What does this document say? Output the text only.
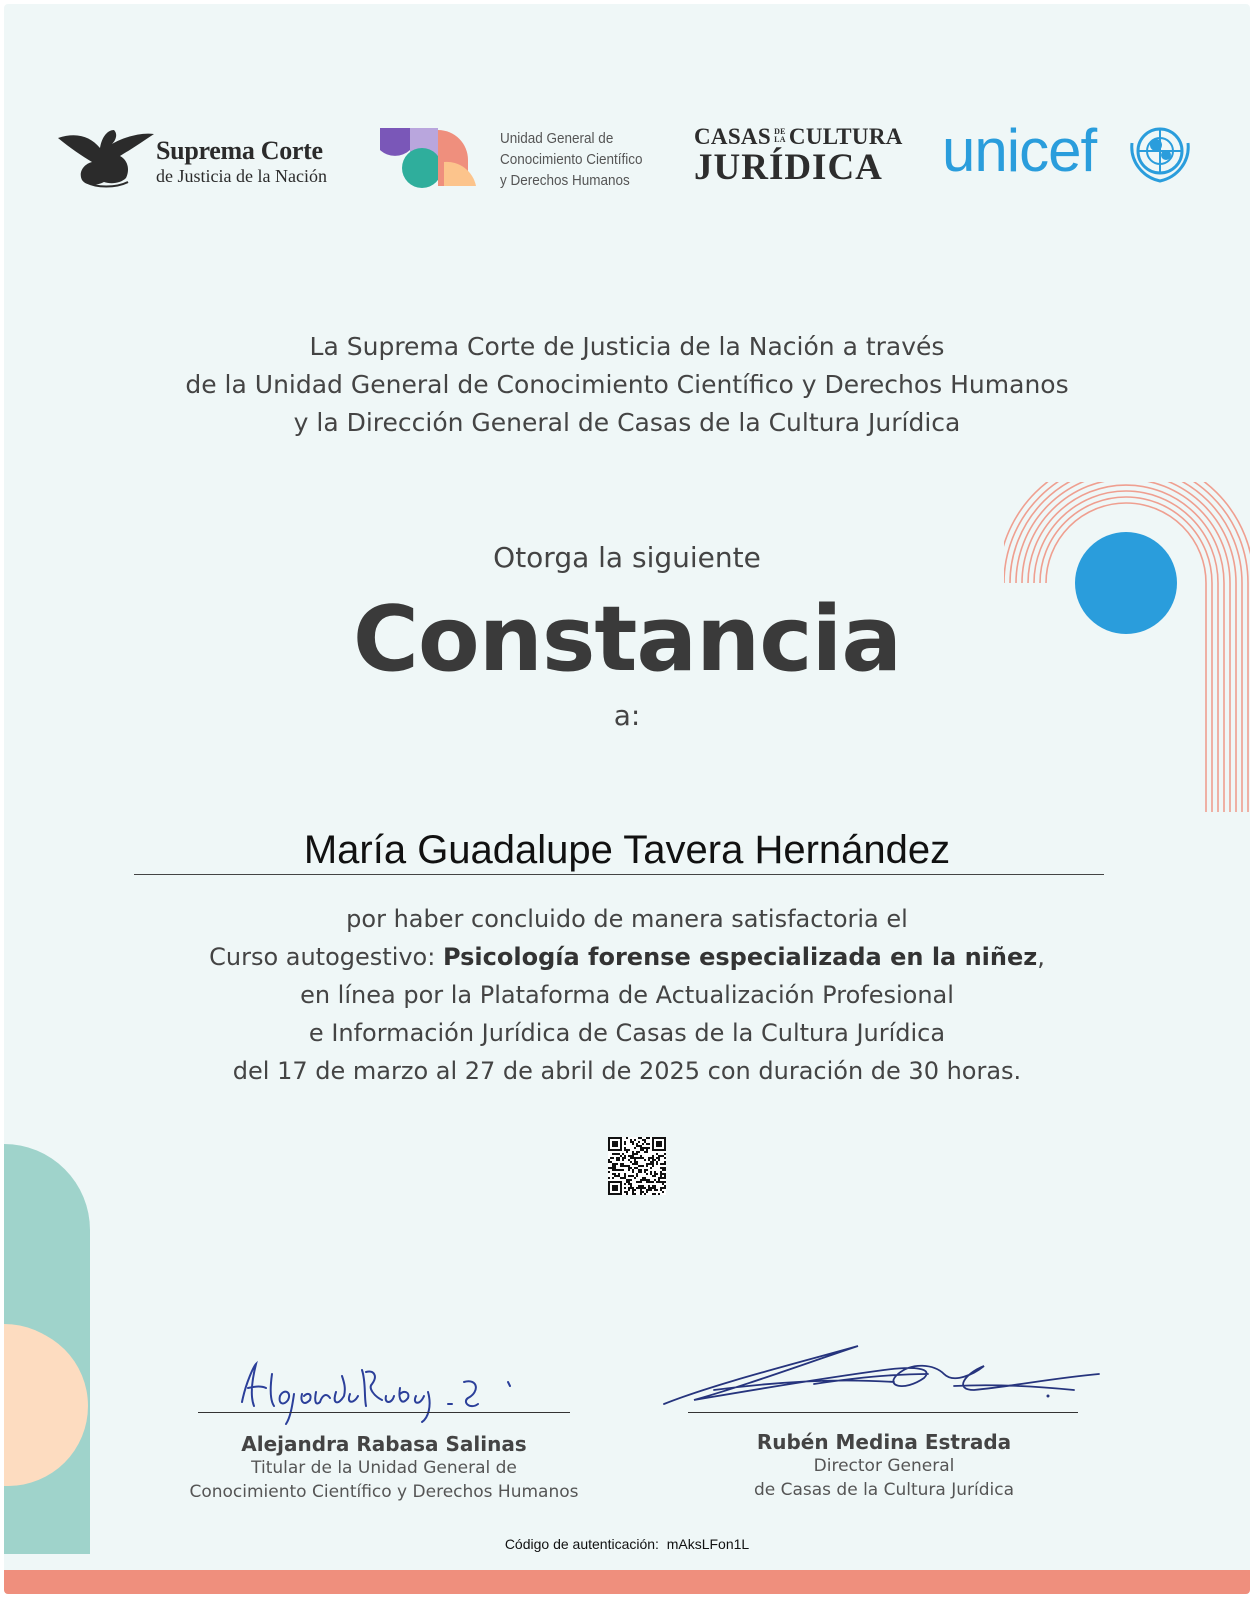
Suprema Corte
de Justicia de la Nación
Unidad General de
Conocimiento Científico
y Derechos Humanos
CASAS DE
LA CULTURA
JURÍDICA unicef
La Suprema Corte de Justicia de la Nación a través
de la Unidad General de Conocimiento Científico y Derechos Humanos
y la Dirección General de Casas de la Cultura Jurídica
Otorga la siguiente
Constancia
a:
María Guadalupe Tavera Hernández
por haber concluido de manera satisfactoria el
Curso autogestivo: Psicología forense especializada en la niñez,
en línea por la Plataforma de Actualización Profesional
e Información Jurídica de Casas de la Cultura Jurídica
del 17 de marzo al 27 de abril de 2025 con duración de 30 horas.
Alejandra Rabasa Salinas
Titular de la Unidad General de
Conocimiento Científico y Derechos Humanos
Rubén Medina Estrada
Director General
de Casas de la Cultura Jurídica
Código de autenticación: mAksLFon1L
